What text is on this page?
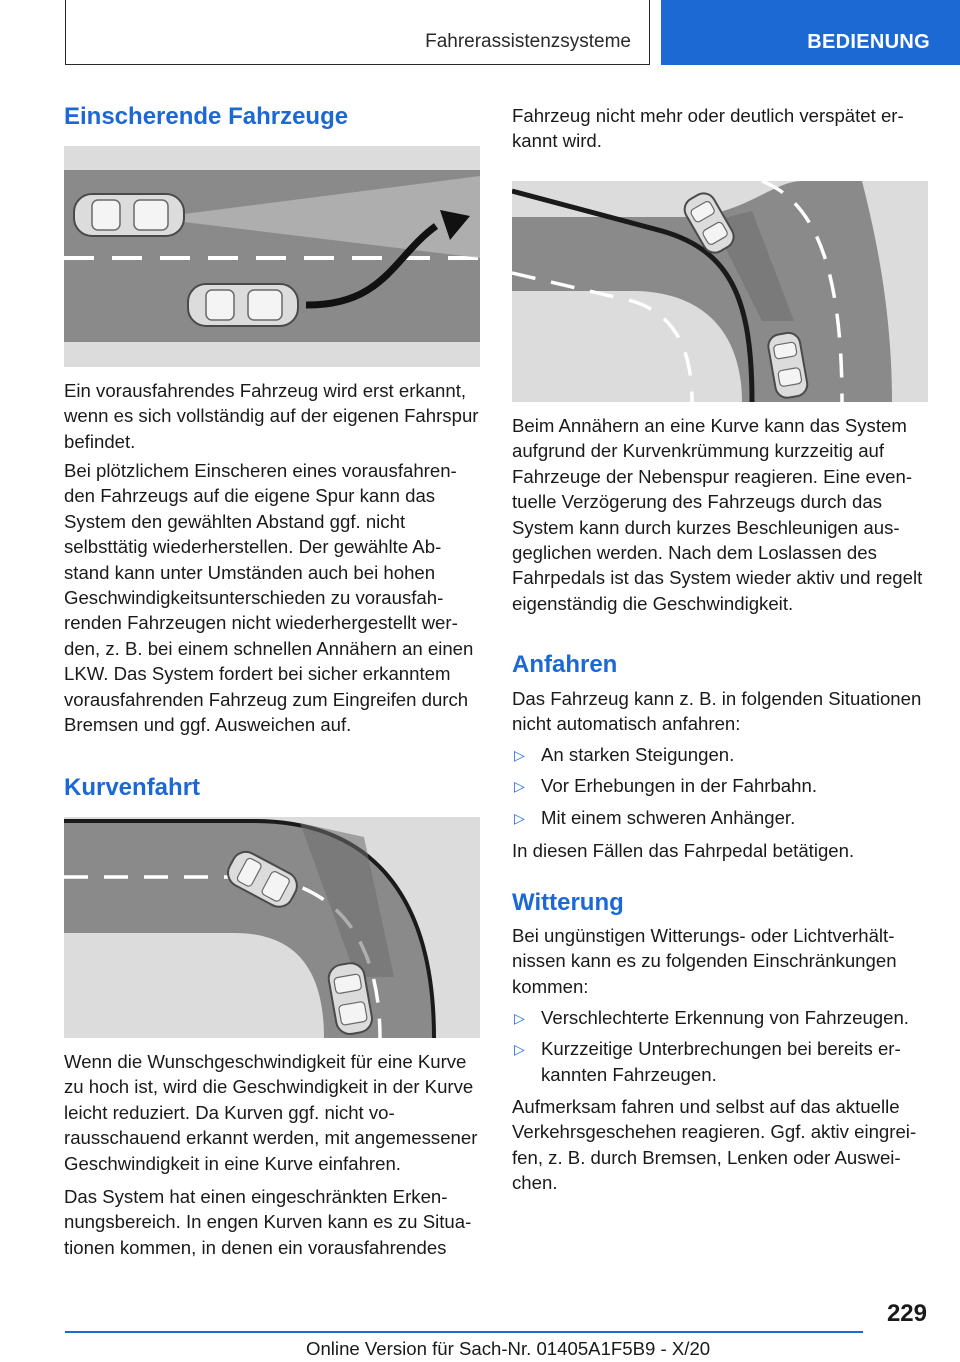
Fahrerassistenzsysteme	BEDIENUNG
Einscherende Fahrzeuge

Ein vorausfahrendes Fahrzeug wird erst erkannt, wenn es sich vollständig auf der eigenen Fahrspur befindet.

Bei plötzlichem Einscheren eines vorausfahrenden Fahrzeugs auf die eigene Spur kann das System den gewählten Abstand ggf. nicht selbsttätig wiederherstellen. Der gewählte Abstand kann unter Umständen auch bei hohen Geschwindigkeitsunterschieden zu vorausfahrenden Fahrzeugen nicht wiederhergestellt werden, z. B. bei einem schnellen Annähern an einen LKW. Das System fordert bei sicher erkanntem vorausfahrenden Fahrzeug zum Eingreifen durch Bremsen und ggf. Ausweichen auf.

Kurvenfahrt

Wenn die Wunschgeschwindigkeit für eine Kurve zu hoch ist, wird die Geschwindigkeit in der Kurve leicht reduziert. Da Kurven ggf. nicht vorausschauend erkannt werden, mit angemessener Geschwindigkeit in eine Kurve einfahren.

Das System hat einen eingeschränkten Erkennungsbereich. In engen Kurven kann es zu Situationen kommen, in denen ein vorausfahrendes

Fahrzeug nicht mehr oder deutlich verspätet erkannt wird.

Beim Annähern an eine Kurve kann das System aufgrund der Kurvenkrümmung kurzzeitig auf Fahrzeuge der Nebenspur reagieren. Eine eventuelle Verzögerung des Fahrzeugs durch das System kann durch kurzes Beschleunigen ausgeglichen werden. Nach dem Loslassen des Fahrpedals ist das System wieder aktiv und regelt eigenständig die Geschwindigkeit.

Anfahren

Das Fahrzeug kann z. B. in folgenden Situationen nicht automatisch anfahren:

▷ An starken Steigungen.
▷ Vor Erhebungen in der Fahrbahn.
▷ Mit einem schweren Anhänger.

In diesen Fällen das Fahrpedal betätigen.

Witterung

Bei ungünstigen Witterungs- oder Lichtverhältnissen kann es zu folgenden Einschränkungen kommen:

▷ Verschlechterte Erkennung von Fahrzeugen.
▷ Kurzzeitige Unterbrechungen bei bereits erkannten Fahrzeugen.

Aufmerksam fahren und selbst auf das aktuelle Verkehrsgeschehen reagieren. Ggf. aktiv eingreifen, z. B. durch Bremsen, Lenken oder Ausweichen.

229
Online Version für Sach-Nr. 01405A1F5B9 - X/20
